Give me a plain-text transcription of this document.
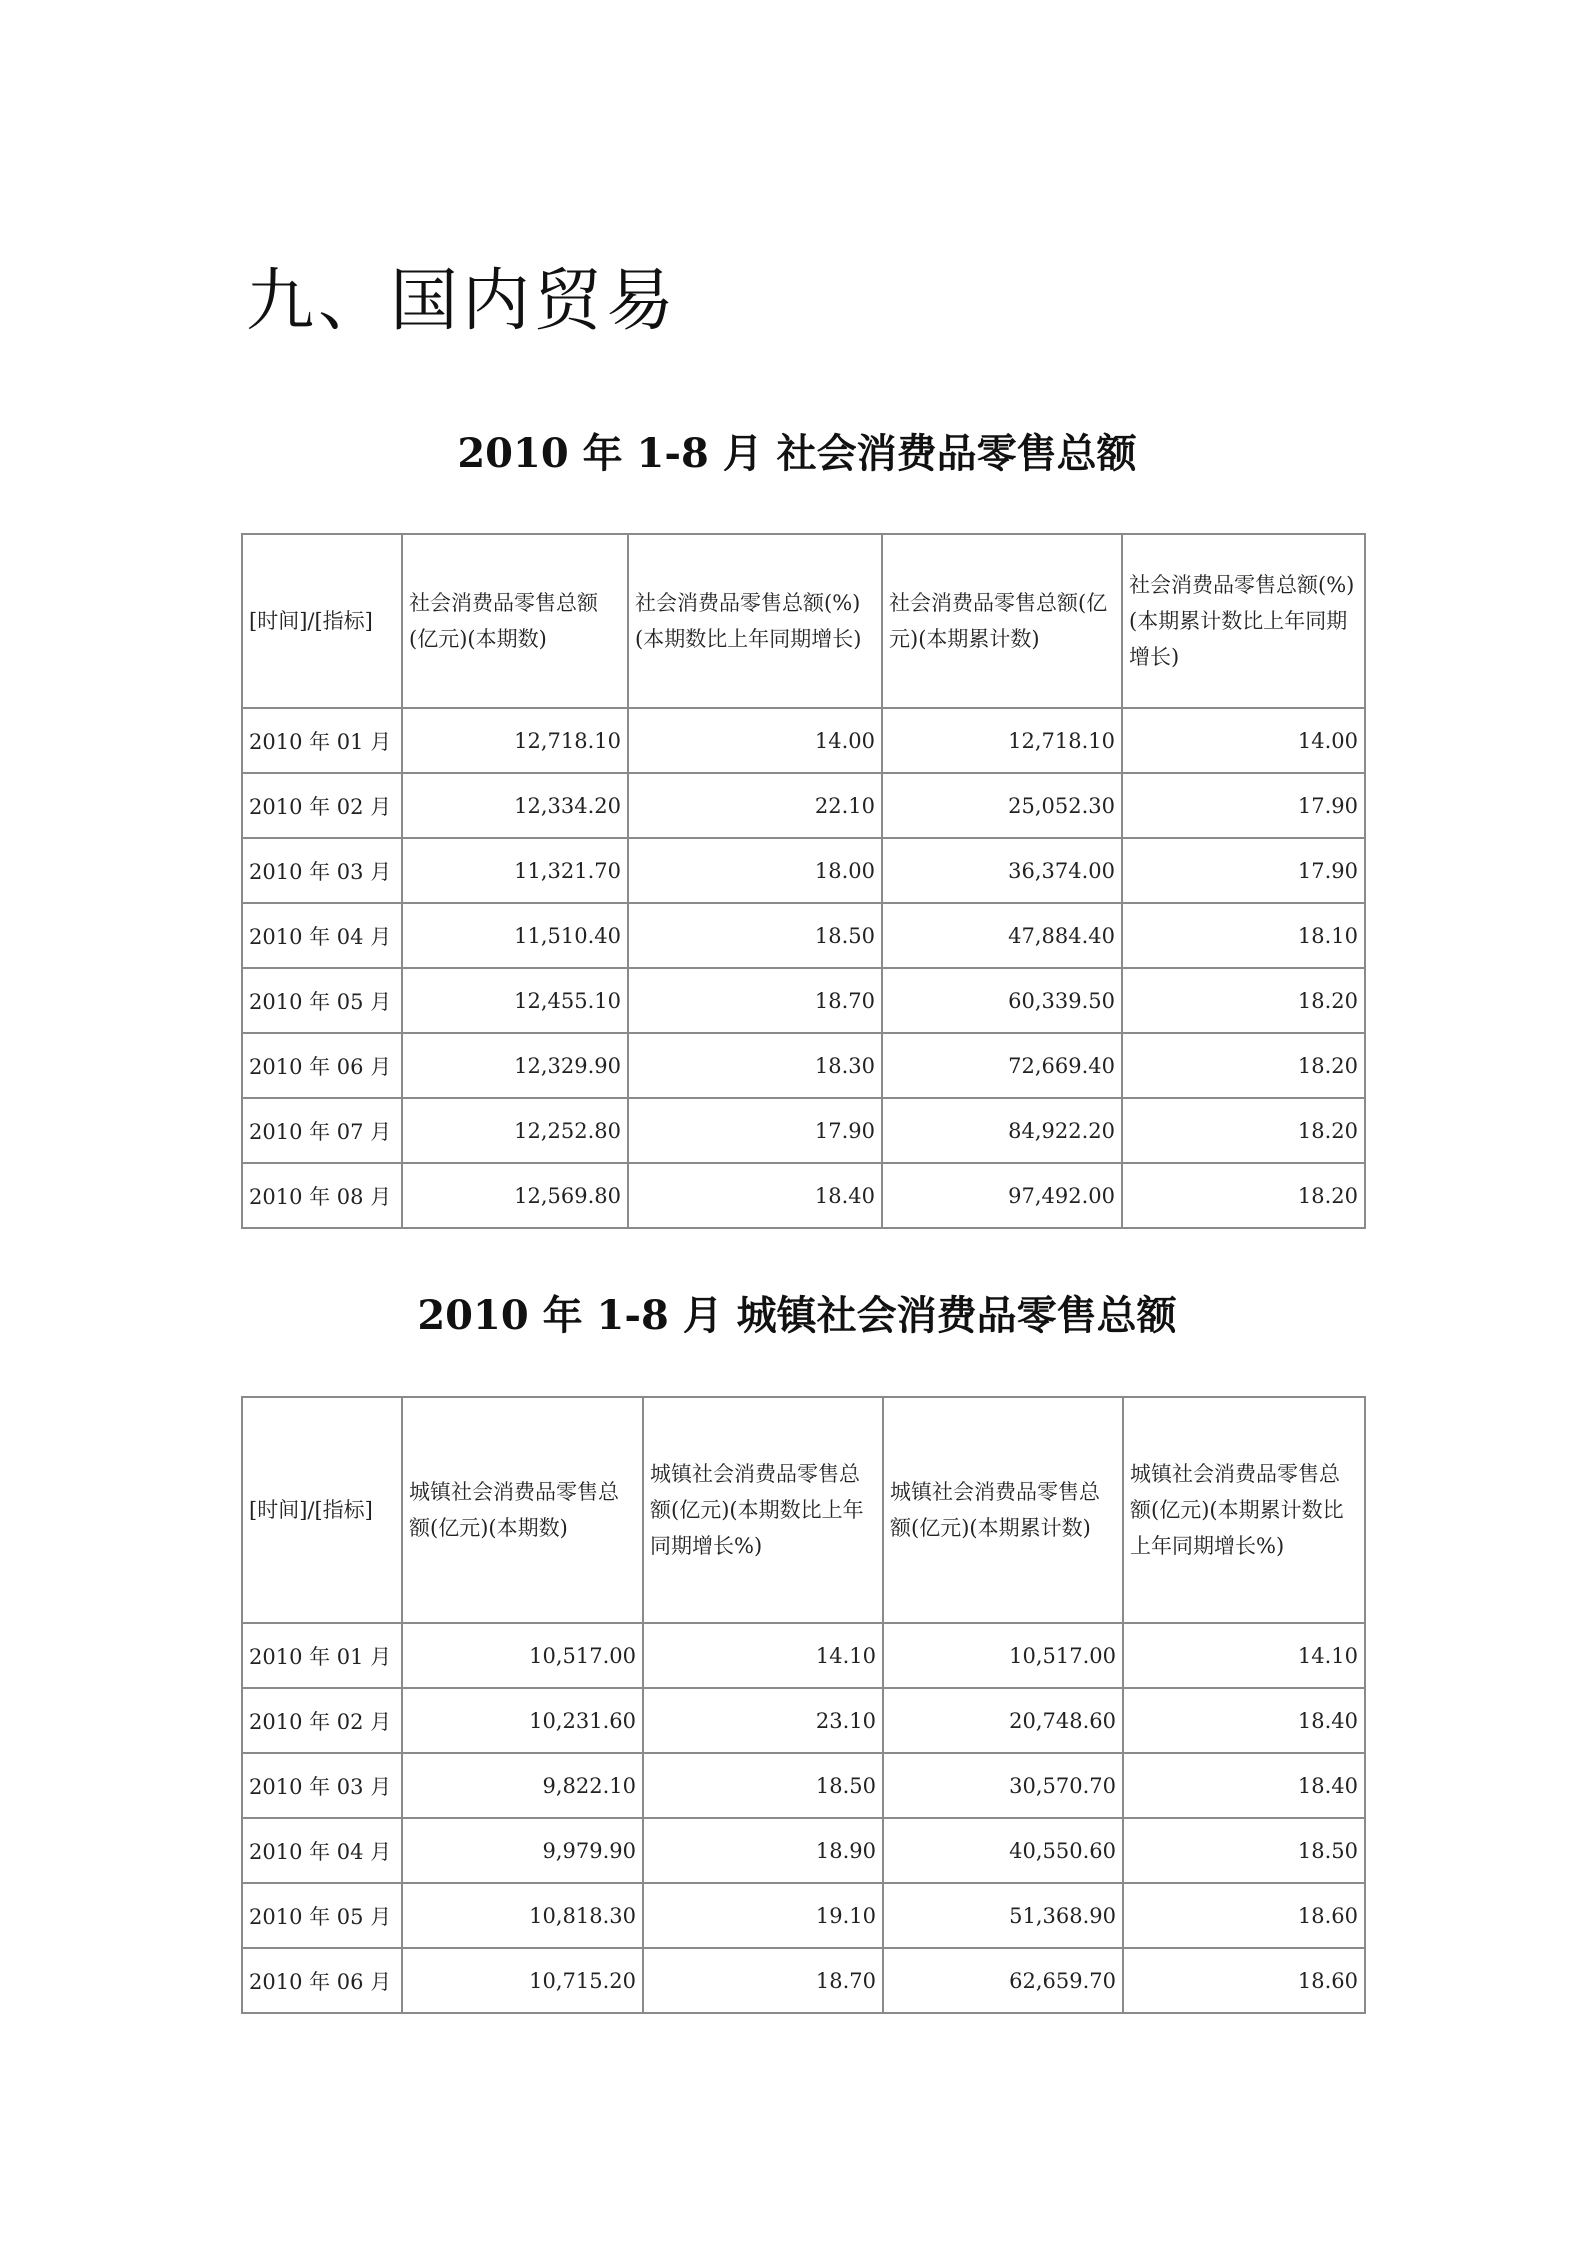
九、国内贸易
2010 年 1-8 月 社会消费品零售总额
[时间]/[指标]	社会消费品零售总额(亿元)(本期数)	社会消费品零售总额(%)(本期数比上年同期增长)	社会消费品零售总额(亿元)(本期累计数)	社会消费品零售总额(%)(本期累计数比上年同期增长)
2010 年 01 月	12,718.10	14.00	12,718.10	14.00
2010 年 02 月	12,334.20	22.10	25,052.30	17.90
2010 年 03 月	11,321.70	18.00	36,374.00	17.90
2010 年 04 月	11,510.40	18.50	47,884.40	18.10
2010 年 05 月	12,455.10	18.70	60,339.50	18.20
2010 年 06 月	12,329.90	18.30	72,669.40	18.20
2010 年 07 月	12,252.80	17.90	84,922.20	18.20
2010 年 08 月	12,569.80	18.40	97,492.00	18.20
2010 年 1-8 月 城镇社会消费品零售总额
[时间]/[指标]	城镇社会消费品零售总额(亿元)(本期数)	城镇社会消费品零售总额(亿元)(本期数比上年同期增长%)	城镇社会消费品零售总额(亿元)(本期累计数)	城镇社会消费品零售总额(亿元)(本期累计数比上年同期增长%)
2010 年 01 月	10,517.00	14.10	10,517.00	14.10
2010 年 02 月	10,231.60	23.10	20,748.60	18.40
2010 年 03 月	9,822.10	18.50	30,570.70	18.40
2010 年 04 月	9,979.90	18.90	40,550.60	18.50
2010 年 05 月	10,818.30	19.10	51,368.90	18.60
2010 年 06 月	10,715.20	18.70	62,659.70	18.60
